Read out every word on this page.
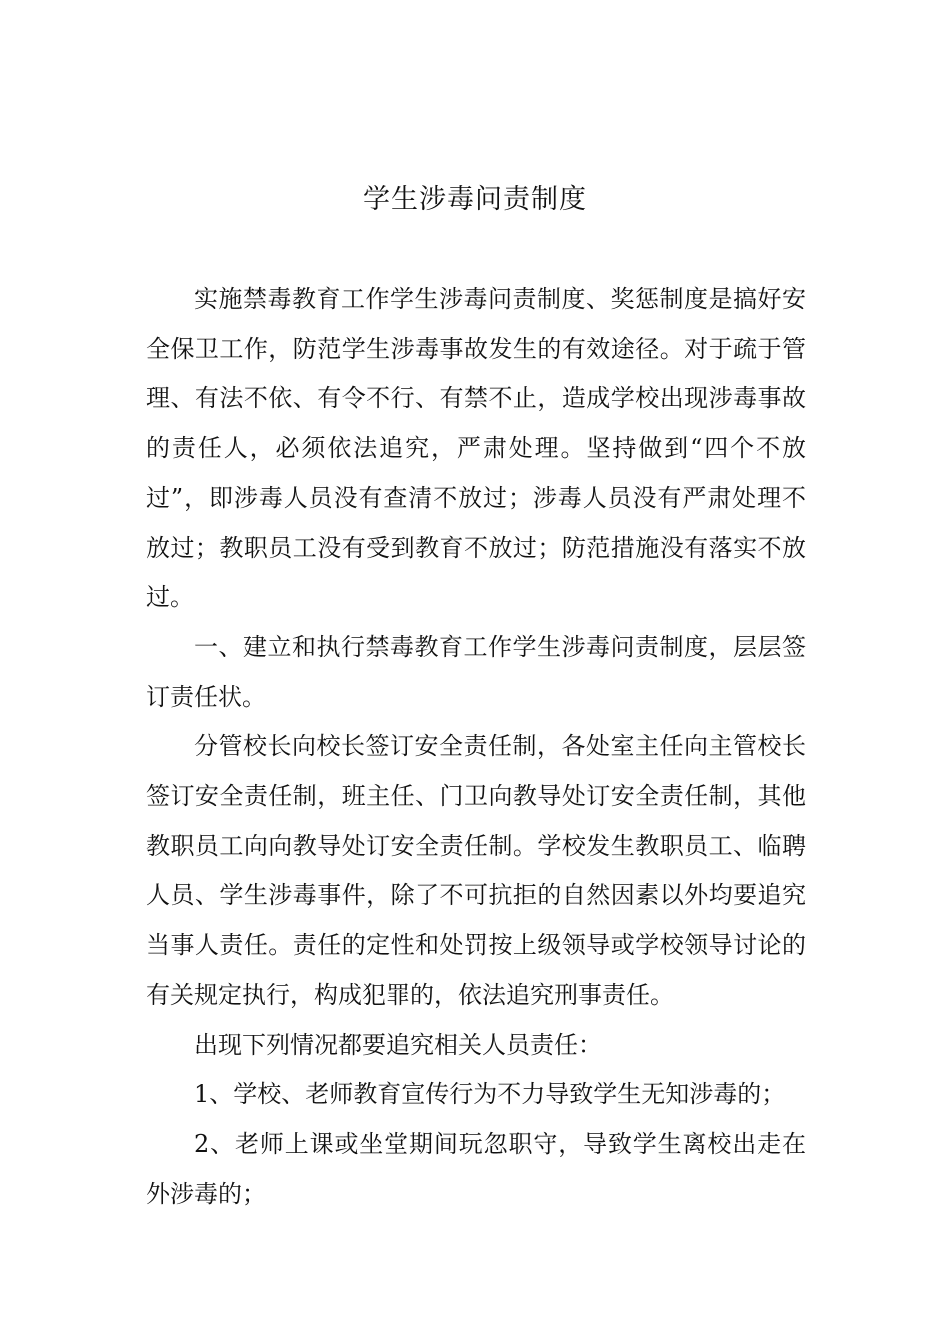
学生涉毒问责制度

实施禁毒教育工作学生涉毒问责制度、奖惩制度是搞好安全保卫工作，防范学生涉毒事故发生的有效途径。对于疏于管理、有法不依、有令不行、有禁不止，造成学校出现涉毒事故的责任人，必须依法追究，严肃处理。坚持做到“四个不放过”，即涉毒人员没有查清不放过；涉毒人员没有严肃处理不放过；教职员工没有受到教育不放过；防范措施没有落实不放过。

一、建立和执行禁毒教育工作学生涉毒问责制度，层层签订责任状。

分管校长向校长签订安全责任制，各处室主任向主管校长签订安全责任制，班主任、门卫向教导处订安全责任制，其他教职员工向向教导处订安全责任制。学校发生教职员工、临聘人员、学生涉毒事件，除了不可抗拒的自然因素以外均要追究当事人责任。责任的定性和处罚按上级领导或学校领导讨论的有关规定执行，构成犯罪的，依法追究刑事责任。

出现下列情况都要追究相关人员责任：

1、学校、老师教育宣传行为不力导致学生无知涉毒的；

2、老师上课或坐堂期间玩忽职守，导致学生离校出走在外涉毒的；
